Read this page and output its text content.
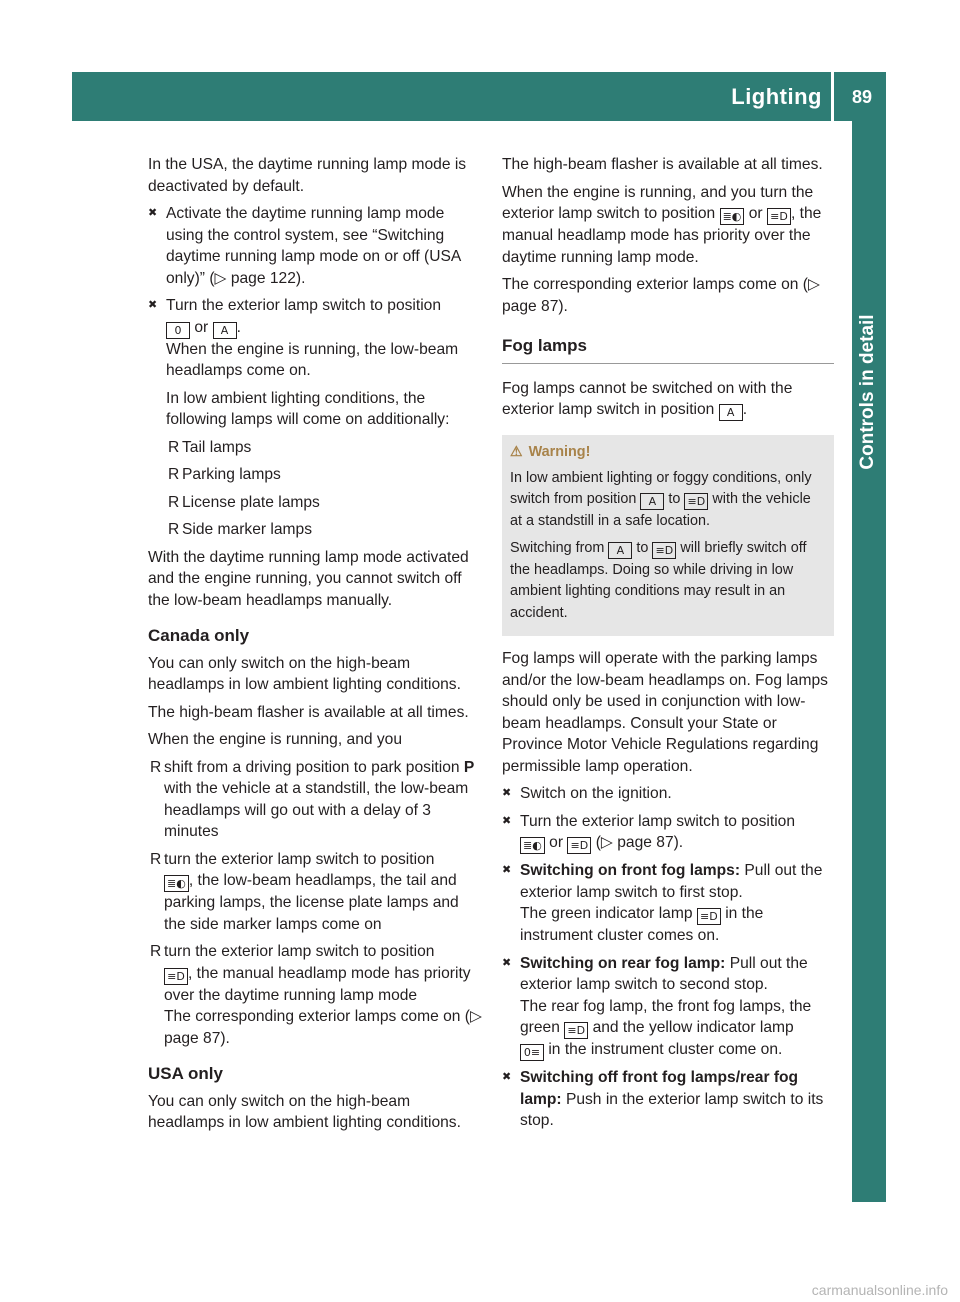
Lighting 89
Controls in detail

In the USA, the daytime running lamp mode is deactivated by default.

✖ Activate the daytime running lamp mode using the control system, see “Switching daytime running lamp mode on or off (USA only)” (▷ page 122).
✖ Turn the exterior lamp switch to position
0 or A .
When the engine is running, the low-beam headlamps come on.

In low ambient lighting conditions, the following lamps will come on additionally:

R Tail lamps
R Parking lamps
R License plate lamps
R Side marker lamps

With the daytime running lamp mode activated and the engine running, you cannot switch off the low-beam headlamps manually.

Canada only

You can only switch on the high-beam headlamps in low ambient lighting conditions.

The high-beam flasher is available at all times.

When the engine is running, and you

R shift from a driving position to park position P with the vehicle at a standstill, the low-beam headlamps will go out with a delay of 3 minutes
R turn the exterior lamp switch to position
≣◐ , the low-beam headlamps, the tail and parking lamps, the license plate lamps and the side marker lamps come on
R turn the exterior lamp switch to position
≡D , the manual headlamp mode has priority over the daytime running lamp mode
The corresponding exterior lamps come on (▷ page 87).
USA only

You can only switch on the high-beam headlamps in low ambient lighting conditions.

The high-beam flasher is available at all times.

When the engine is running, and you turn the exterior lamp switch to position ≣◐ or ≡D , the manual headlamp mode has priority over the daytime running lamp mode.

The corresponding exterior lamps come on (▷ page 87).

Fog lamps

Fog lamps cannot be switched on with the exterior lamp switch in position A .

⚠ Warning!

In low ambient lighting or foggy conditions, only switch from position A to ≡D with the vehicle at a standstill in a safe location.

Switching from A to ≡D will briefly switch off the headlamps. Doing so while driving in low ambient lighting conditions may result in an accident.

Fog lamps will operate with the parking lamps and/or the low-beam headlamps on. Fog lamps should only be used in conjunction with low-beam headlamps. Consult your State or Province Motor Vehicle Regulations regarding permissible lamp operation.

✖ Switch on the ignition.
✖ Turn the exterior lamp switch to position
≣◐ or ≡D (▷ page 87).
✖ Switching on front fog lamps: Pull out the exterior lamp switch to first stop.
The green indicator lamp ≡D in the instrument cluster comes on.
✖ Switching on rear fog lamp: Pull out the exterior lamp switch to second stop.
The rear fog lamp, the front fog lamps, the green ≡D and the yellow indicator lamp
0≡ in the instrument cluster come on.
✖ Switching off front fog lamps/rear fog lamp: Push in the exterior lamp switch to its stop.
carmanualsonline.info
